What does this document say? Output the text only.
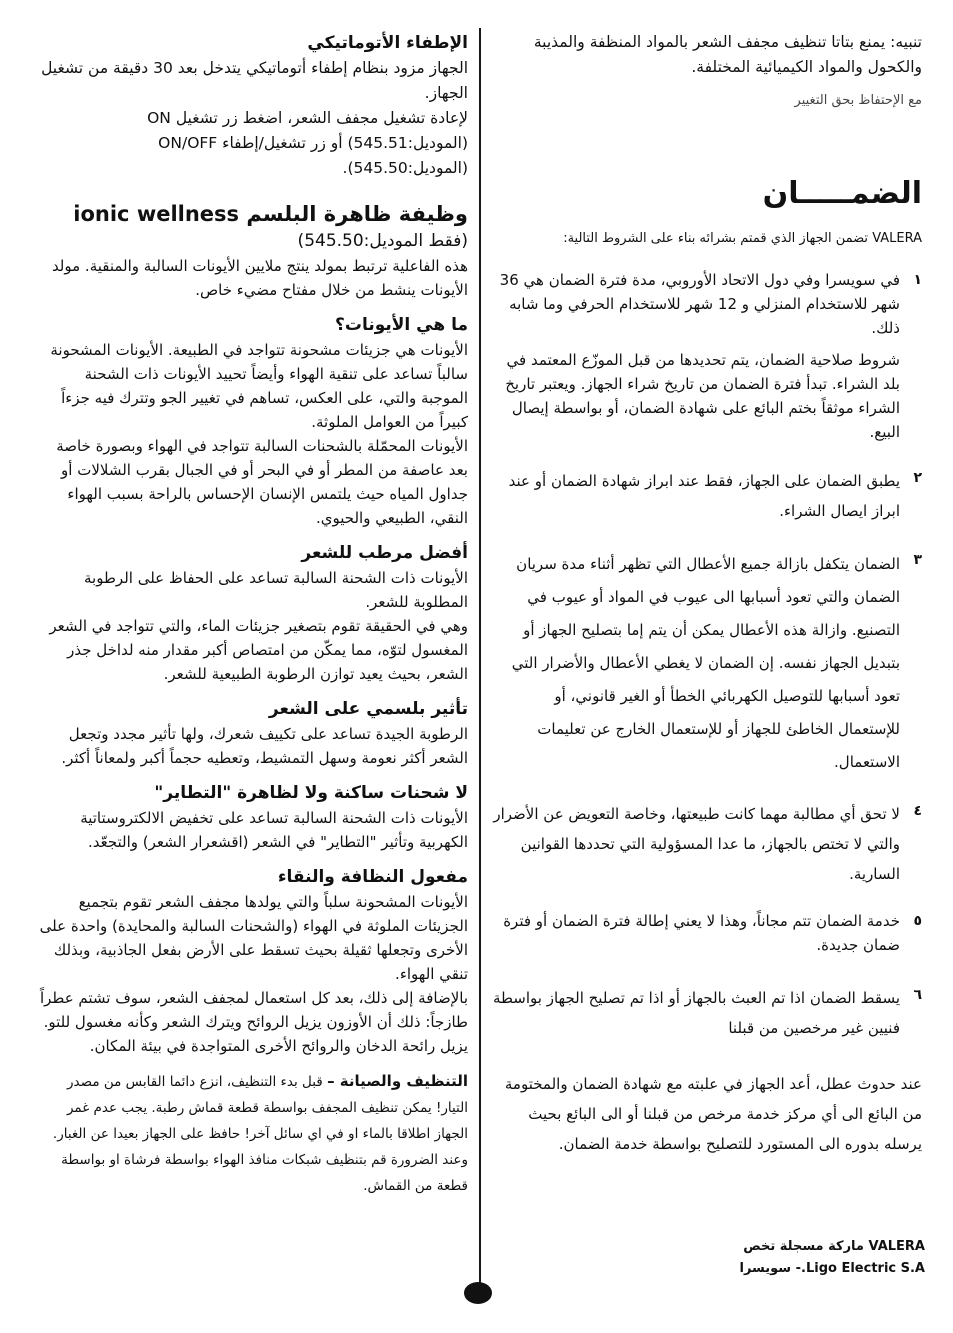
الإطفاء الأتوماتيكي

الجهاز مزود بنظام إطفاء أتوماتيكي يتدخل بعد 30 دقيقة من تشغيل الجهاز.

لإعادة تشغيل مجفف الشعر، اضغط زر تشغيل ON (الموديل:545.51) أو زر تشغيل/إطفاء ON/OFF (الموديل:545.50).

وظيفة ظاهرة البلسم ionic wellness

(فقط الموديل:545.50)

هذه الفاعلية ترتبط بمولد ينتج ملايين الأيونات السالبة والمنقية. مولد الأيونات ينشط من خلال مفتاح مضيء خاص.

ما هي الأيونات؟

الأيونات هي جزيئات مشحونة تتواجد في الطبيعة. الأيونات المشحونة سالباً تساعد على تنقية الهواء وأيضاً تحييد الأيونات ذات الشحنة الموجبة والتي، على العكس، تساهم في تغيير الجو وتترك فيه جزءاً كبيراً من العوامل الملوثة.

الأيونات المحمّلة بالشحنات السالبة تتواجد في الهواء وبصورة خاصة بعد عاصفة من المطر أو في البحر أو في الجبال بقرب الشلالات أو جداول المياه حيث يلتمس الإنسان الإحساس بالراحة بسبب الهواء النقي، الطبيعي والحيوي.

أفضل مرطب للشعر

الأيونات ذات الشحنة السالبة تساعد على الحفاظ على الرطوبة المطلوبة للشعر.

وهي في الحقيقة تقوم بتصغير جزيئات الماء، والتي تتواجد في الشعر المغسول لتوّه، مما يمكّن من امتصاص أكبر مقدار منه لداخل جذر الشعر، بحيث يعيد توازن الرطوبة الطبيعية للشعر.

تأثير بلسمي على الشعر

الرطوبة الجيدة تساعد على تكييف شعرك، ولها تأثير مجدد وتجعل الشعر أكثر نعومة وسهل التمشيط، وتعطيه حجماً أكبر ولمعاناً أكثر.

لا شحنات ساكنة ولا لظاهرة "التطاير"

الأيونات ذات الشحنة السالبة تساعد على تخفيض الالكتروستاتية الكهربية وتأثير "التطاير" في الشعر (اقشعرار الشعر) والتجعّد.

مفعول النظافة والنقاء

الأيونات المشحونة سلباً والتي يولدها مجفف الشعر تقوم بتجميع الجزيئات الملوثة في الهواء (والشحنات السالبة والمحايدة) واحدة على الأخرى وتجعلها ثقيلة بحيث تسقط على الأرض بفعل الجاذبية، وبذلك تنقي الهواء.

بالإضافة إلى ذلك، بعد كل استعمال لمجفف الشعر، سوف تشتم عطراً طازجاً: ذلك أن الأوزون يزيل الروائح ويترك الشعر وكأنه مغسول للتو.

يزيل رائحة الدخان والروائح الأخرى المتواجدة في بيئة المكان.

التنظيف والصيانة – قبل بدء التنظيف، انزع دائما القابس من مصدر التيار! يمكن تنظيف المجفف بواسطة قطعة قماش رطبة. يجب عدم غمر الجهاز اطلاقا بالماء او في اي سائل آخر! حافظ على الجهاز بعيدا عن الغبار. وعند الضرورة قم بتنظيف شبكات منافذ الهواء بواسطة فرشاة او بواسطة قطعة من القماش.

تنبيه: يمنع بتاتا تنظيف مجفف الشعر بالمواد المنظفة والمذيبة والكحول والمواد الكيميائية المختلفة.

مع الإحتفاظ بحق التغيير

الضمـــــان

VALERA تضمن الجهاز الذي قمتم بشرائه بناء على الشروط التالية:

١

في سويسرا وفي دول الاتحاد الأوروبي، مدة فترة الضمان هي 36 شهر للاستخدام المنزلي و 12 شهر للاستخدام الحرفي وما شابه ذلك.

شروط صلاحية الضمان، يتم تحديدها من قبل الموزّع المعتمد في بلد الشراء. تبدأ فترة الضمان من تاريخ شراء الجهاز. ويعتبر تاريخ الشراء موثقاً بختم البائع على شهادة الضمان، أو بواسطة إيصال البيع.

٢

يطبق الضمان على الجهاز، فقط عند ابراز شهادة الضمان أو عند ابراز ايصال الشراء.

٣

الضمان يتكفل بازالة جميع الأعطال التي تظهر أثناء مدة سريان الضمان والتي تعود أسبابها الى عيوب في المواد أو عيوب في التصنيع. وازالة هذه الأعطال يمكن أن يتم إما بتصليح الجهاز أو بتبديل الجهاز نفسه. إن الضمان لا يغطي الأعطال والأضرار التي تعود أسبابها للتوصيل الكهربائي الخطأ أو الغير قانوني، أو للإستعمال الخاطئ للجهاز أو للإستعمال الخارج عن تعليمات الاستعمال.

٤

لا تحق أي مطالبة مهما كانت طبيعتها، وخاصة التعويض عن الأضرار والتي لا تختص بالجهاز، ما عدا المسؤولية التي تحددها القوانين السارية.

٥

خدمة الضمان تتم مجاناً، وهذا لا يعني إطالة فترة الضمان أو فترة ضمان جديدة.

٦

يسقط الضمان اذا تم العبث بالجهاز أو اذا تم تصليح الجهاز بواسطة فنيين غير مرخصين من قبلنا

عند حدوث عطل، أعد الجهاز في علبته مع شهادة الضمان والمختومة من البائع الى أي مركز خدمة مرخص من قبلنا أو الى البائع بحيث يرسله بدوره الى المستورد للتصليح بواسطة خدمة الضمان.

VALERA ماركة مسجلة تخص
Ligo Electric S.A.- سويسرا
